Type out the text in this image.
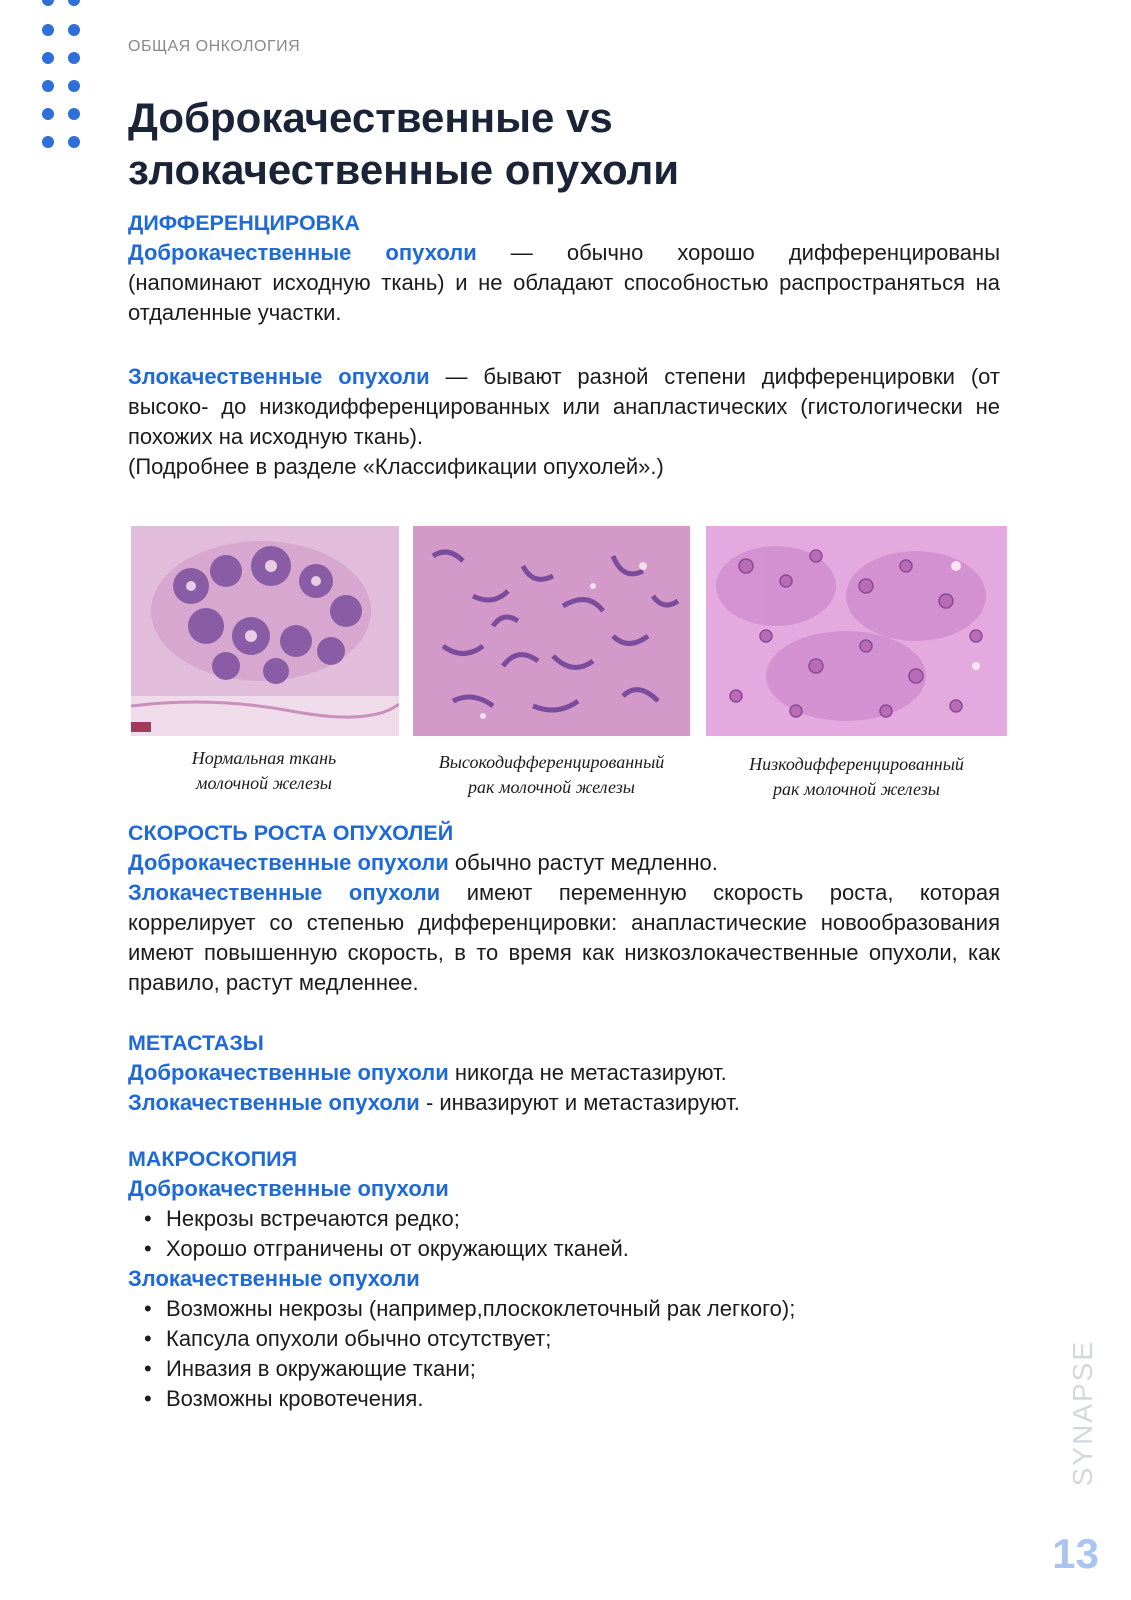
ОБЩАЯ ОНКОЛОГИЯ
Доброкачественные vs
злокачественные опухоли
ДИФФЕРЕНЦИРОВКА

Доброкачественные опухоли — обычно хорошо дифференцированы (напоминают исходную ткань) и не обладают способностью распространяться на отдаленные участки.

Злокачественные опухоли — бывают разной степени дифференцировки (от высоко- до низкодифференцированных или анапластических (гистологически не похожих на исходную ткань).

(Подробнее в разделе «Классификации опухолей».)

Нормальная ткань
молочной железы
Высокодифференцированный
рак молочной железы
Низкодифференцированный
рак молочной железы
СКОРОСТЬ РОСТА ОПУХОЛЕЙ

Доброкачественные опухоли обычно растут медленно.

Злокачественные опухоли имеют переменную скорость роста, которая коррелирует со степенью дифференцировки: анапластические новообразования имеют повышенную скорость, в то время как низкозлокачественные опухоли, как правило, растут медленнее.

МЕТАСТАЗЫ

Доброкачественные опухоли никогда не метастазируют.

Злокачественные опухоли - инвазируют и метастазируют.

МАКРОСКОПИЯ
Доброкачественные опухоли
• Некрозы встречаются редко;
• Хорошо отграничены от окружающих тканей.
Злокачественные опухоли
• Возможны некрозы (например,плоскоклеточный рак легкого);
• Капсула опухоли обычно отсутствует;
• Инвазия в окружающие ткани;
• Возможны кровотечения.	SYNAPSE
13
